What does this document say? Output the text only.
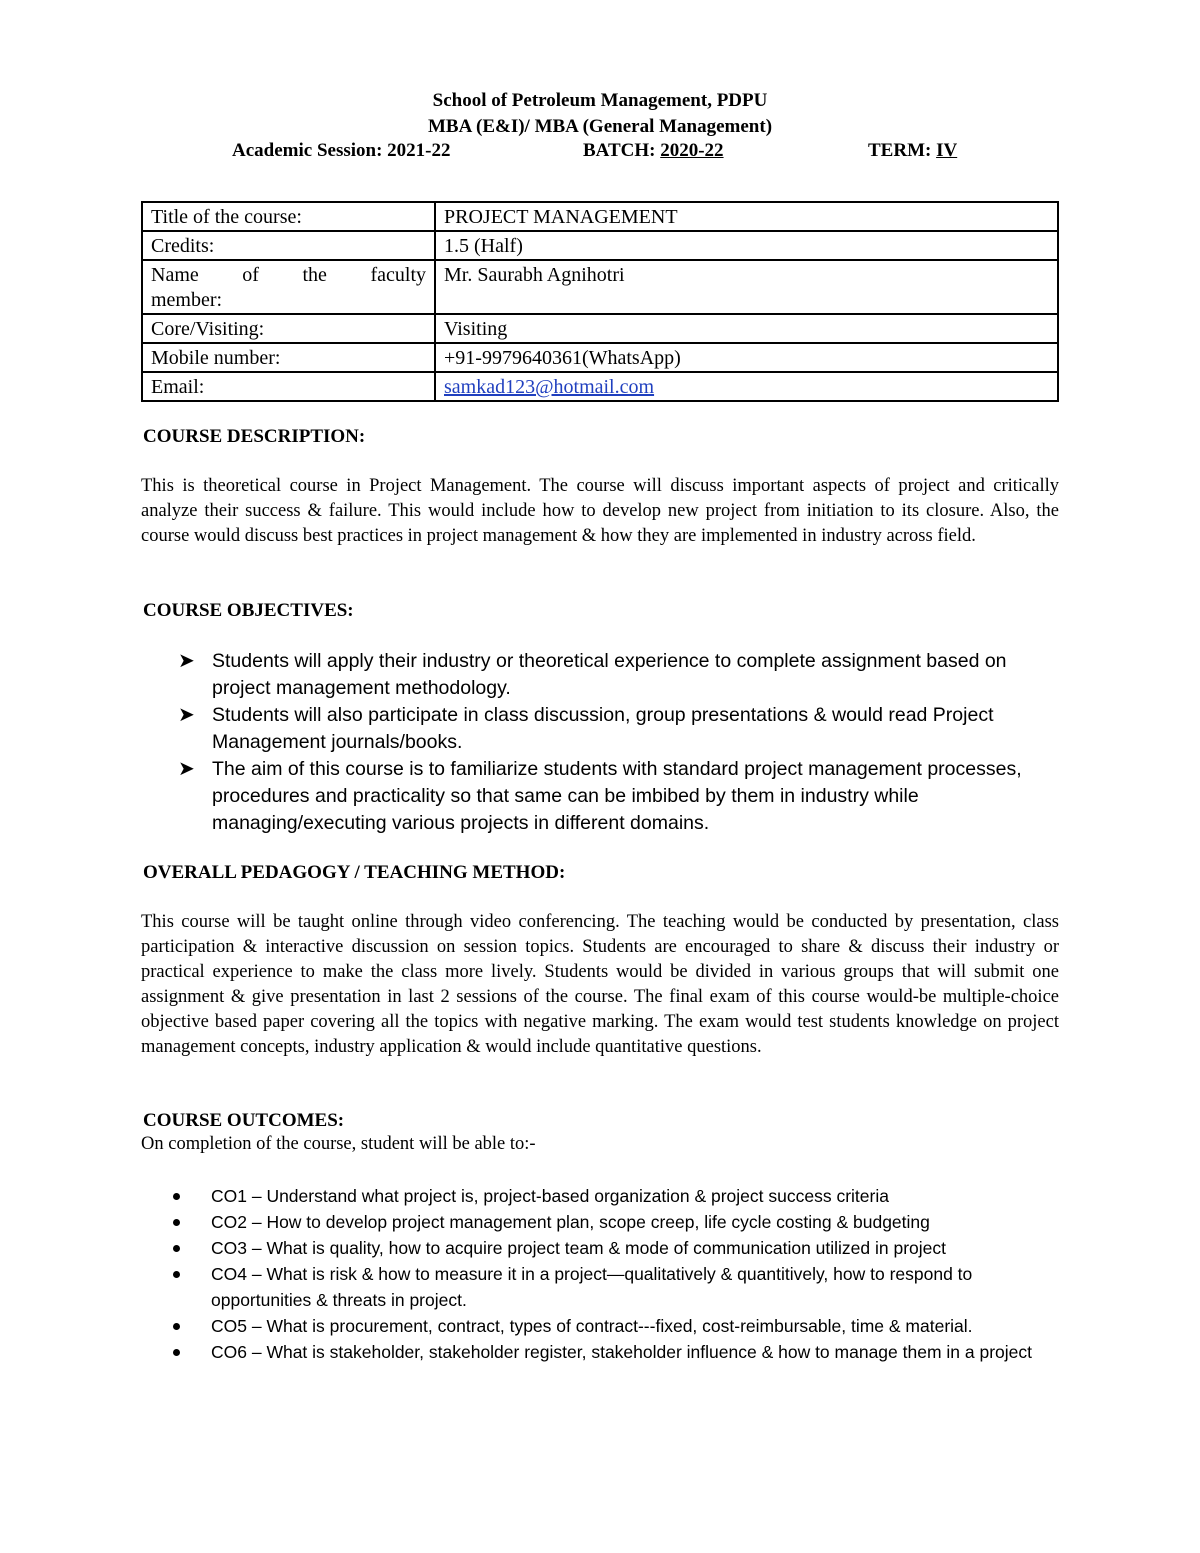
School of Petroleum Management, PDPU
MBA (E&I)/ MBA (General Management)
Academic Session: 2021-22	BATCH: 2020-22	TERM: IV
Title of the course:	PROJECT MANAGEMENT
Credits:	1.5 (Half)

Name of the faculty
member:	Mr. Saurabh Agnihotri
Core/Visiting:	Visiting
Mobile number:	+91-9979640361(WhatsApp)
Email:	samkad123@hotmail.com
COURSE DESCRIPTION:
This is theoretical course in Project Management. The course will discuss important aspects of project and critically analyze their success & failure. This would include how to develop new project from initiation to its closure. Also, the course would discuss best practices in project management & how they are implemented in industry across field.
COURSE OBJECTIVES:
➤ Students will apply their industry or theoretical experience to complete assignment based on project management methodology.
➤ Students will also participate in class discussion, group presentations & would read Project Management journals/books.
➤ The aim of this course is to familiarize students with standard project management processes, procedures and practicality so that same can be imbibed by them in industry while managing/executing various projects in different domains.
OVERALL PEDAGOGY / TEACHING METHOD:
This course will be taught online through video conferencing. The teaching would be conducted by presentation, class participation & interactive discussion on session topics. Students are encouraged to share & discuss their industry or practical experience to make the class more lively. Students would be divided in various groups that will submit one assignment & give presentation in last 2 sessions of the course. The final exam of this course would-be multiple-choice objective based paper covering all the topics with negative marking. The exam would test students knowledge on project management concepts, industry application & would include quantitative questions.
COURSE OUTCOMES:
On completion of the course, student will be able to:-
CO1 – Understand what project is, project-based organization & project success criteria
CO2 – How to develop project management plan, scope creep, life cycle costing & budgeting
CO3 – What is quality, how to acquire project team & mode of communication utilized in project
CO4 – What is risk & how to measure it in a project—qualitatively & quantitively, how to respond to opportunities & threats in project.
CO5 – What is procurement, contract, types of contract---fixed, cost-reimbursable, time & material.
CO6 – What is stakeholder, stakeholder register, stakeholder influence & how to manage them in a project
